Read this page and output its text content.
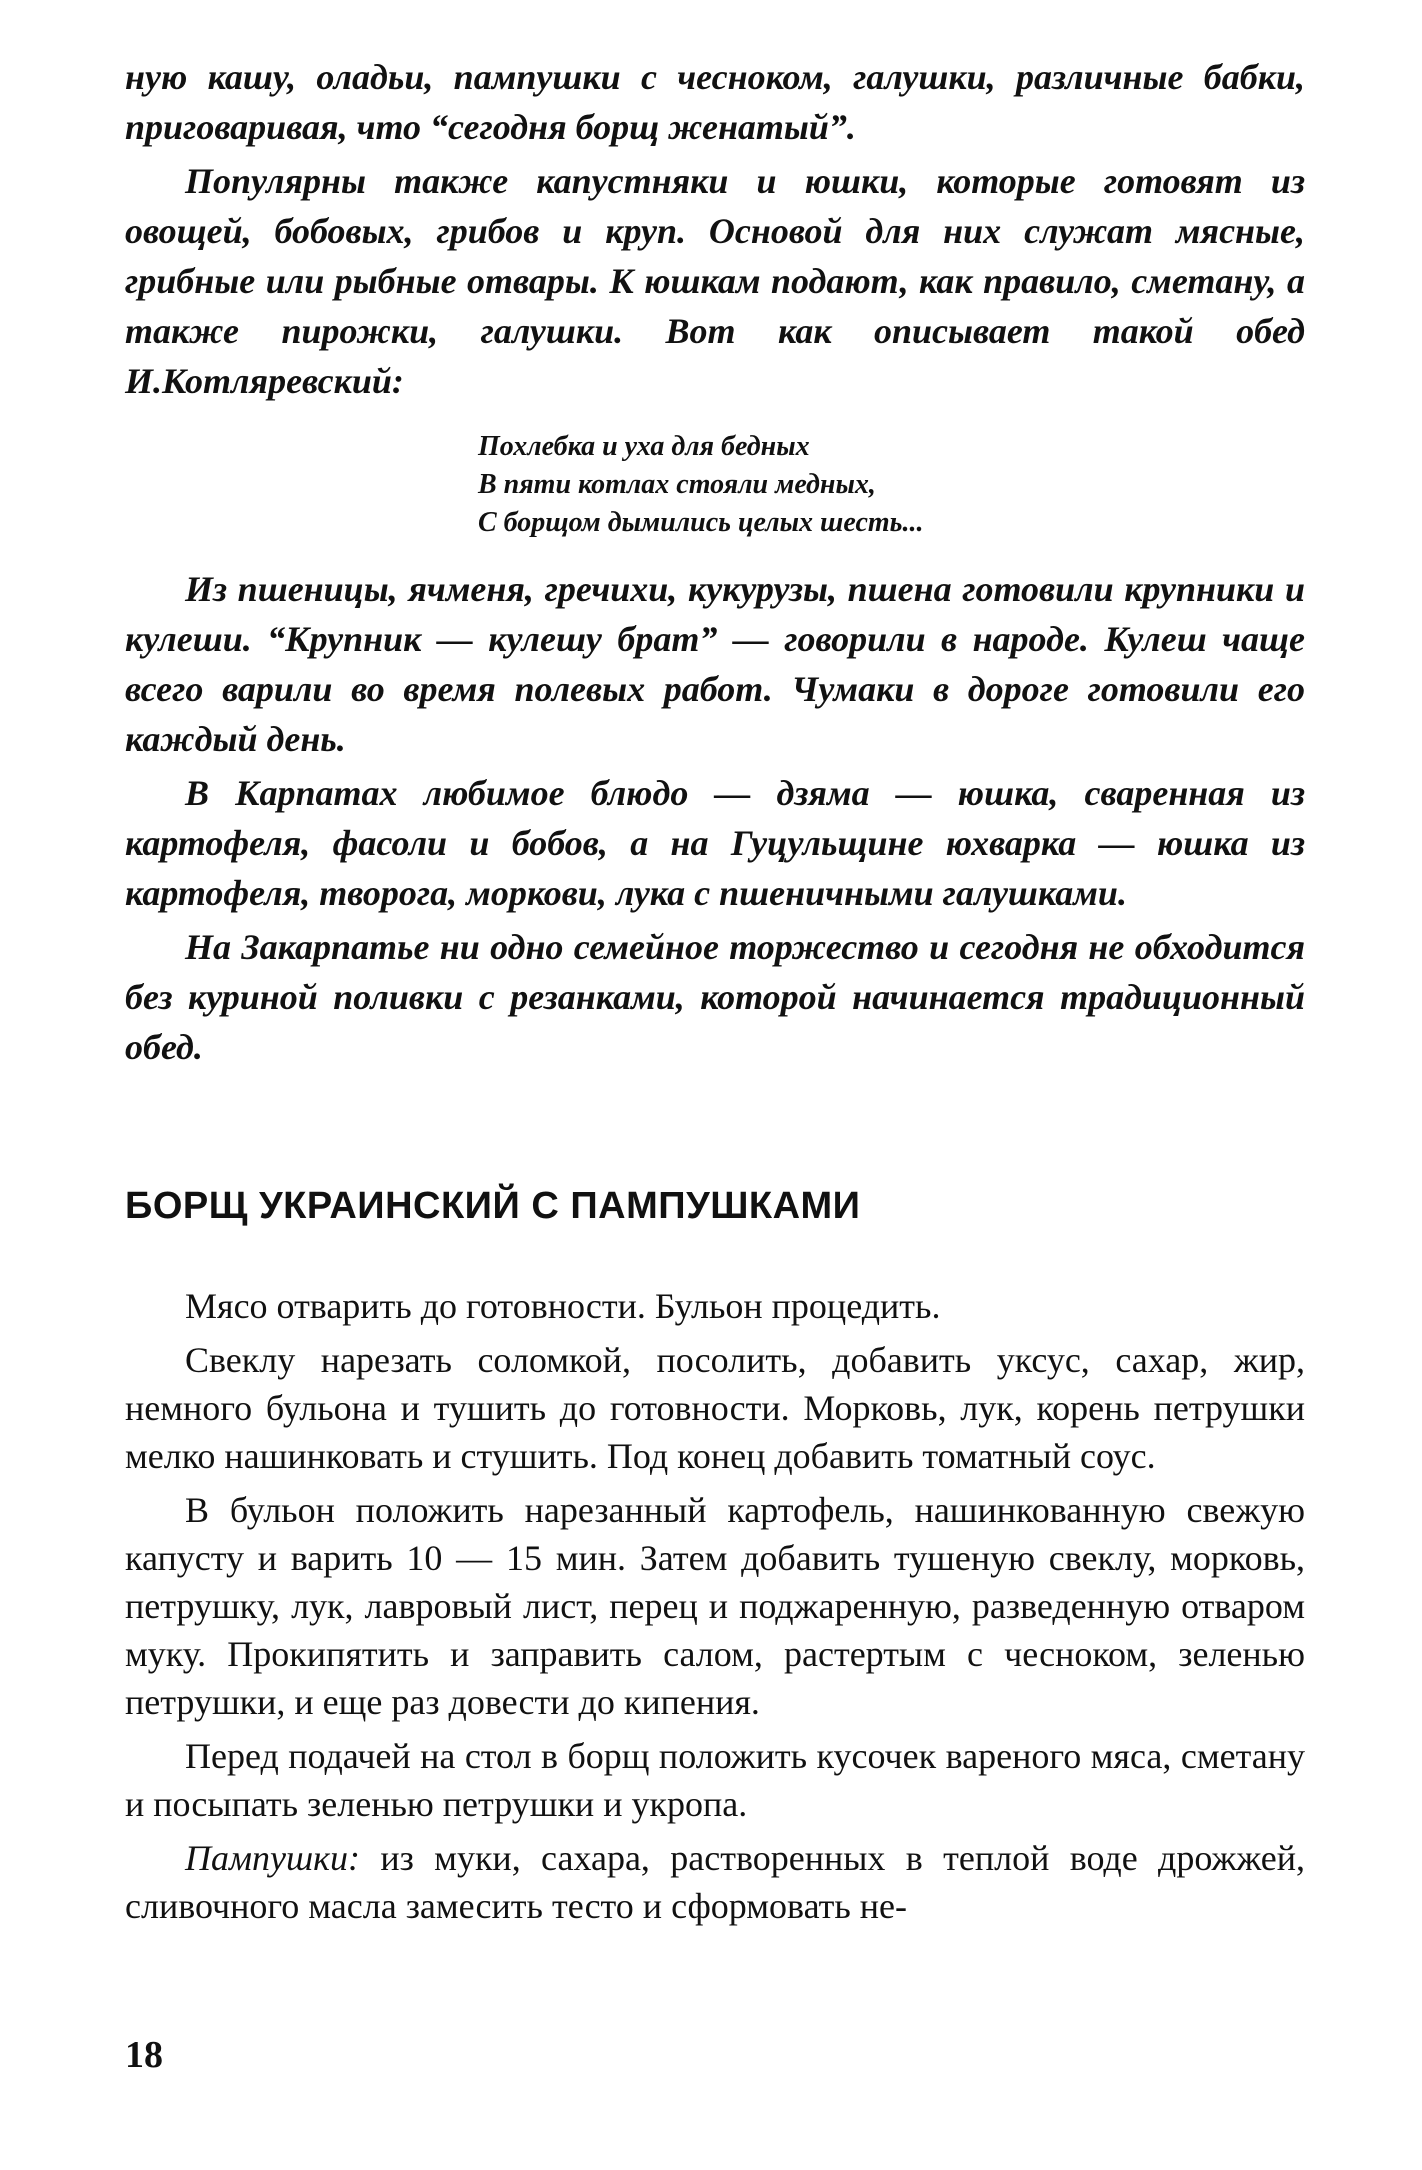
ную кашу, оладьи, пампушки с чесноком, галушки, различные бабки, приговаривая, что “сегодня борщ женатый”.

Популярны также капустняки и юшки, которые готовят из овощей, бобовых, грибов и круп. Основой для них служат мясные, грибные или рыбные отвары. К юшкам подают, как правило, сметану, а также пирожки, галушки. Вот как описывает такой обед И.Котляревский:

Похлебка и уха для бедных
В пяти котлах стояли медных,
С борщом дымились целых шесть...

Из пшеницы, ячменя, гречихи, кукурузы, пшена готовили крупники и кулеши. “Крупник — кулешу брат” — говорили в народе. Кулеш чаще всего варили во время полевых работ. Чумаки в дороге готовили его каждый день.

В Карпатах любимое блюдо — дзяма — юшка, сваренная из картофеля, фасоли и бобов, а на Гуцульщине юхварка — юшка из картофеля, творога, моркови, лука с пшеничными галушками.

На Закарпатье ни одно семейное торжество и сегодня не обходится без куриной поливки с резанками, которой начинается традиционный обед.

БОРЩ УКРАИНСКИЙ С ПАМПУШКАМИ

Мясо отварить до готовности. Бульон процедить.

Свеклу нарезать соломкой, посолить, добавить уксус, сахар, жир, немного бульона и тушить до готовности. Морковь, лук, корень петрушки мелко нашинковать и стушить. Под конец добавить томатный соус.

В бульон положить нарезанный картофель, нашинкованную свежую капусту и варить 10 — 15 мин. Затем добавить тушеную свеклу, морковь, петрушку, лук, лавровый лист, перец и поджаренную, разведенную отваром муку. Прокипятить и заправить салом, растертым с чесноком, зеленью петрушки, и еще раз довести до кипения.

Перед подачей на стол в борщ положить кусочек вареного мяса, сметану и посыпать зеленью петрушки и укропа.

Пампушки: из муки, сахара, растворенных в теплой воде дрожжей, сливочного масла замесить тесто и сформовать не-

18
